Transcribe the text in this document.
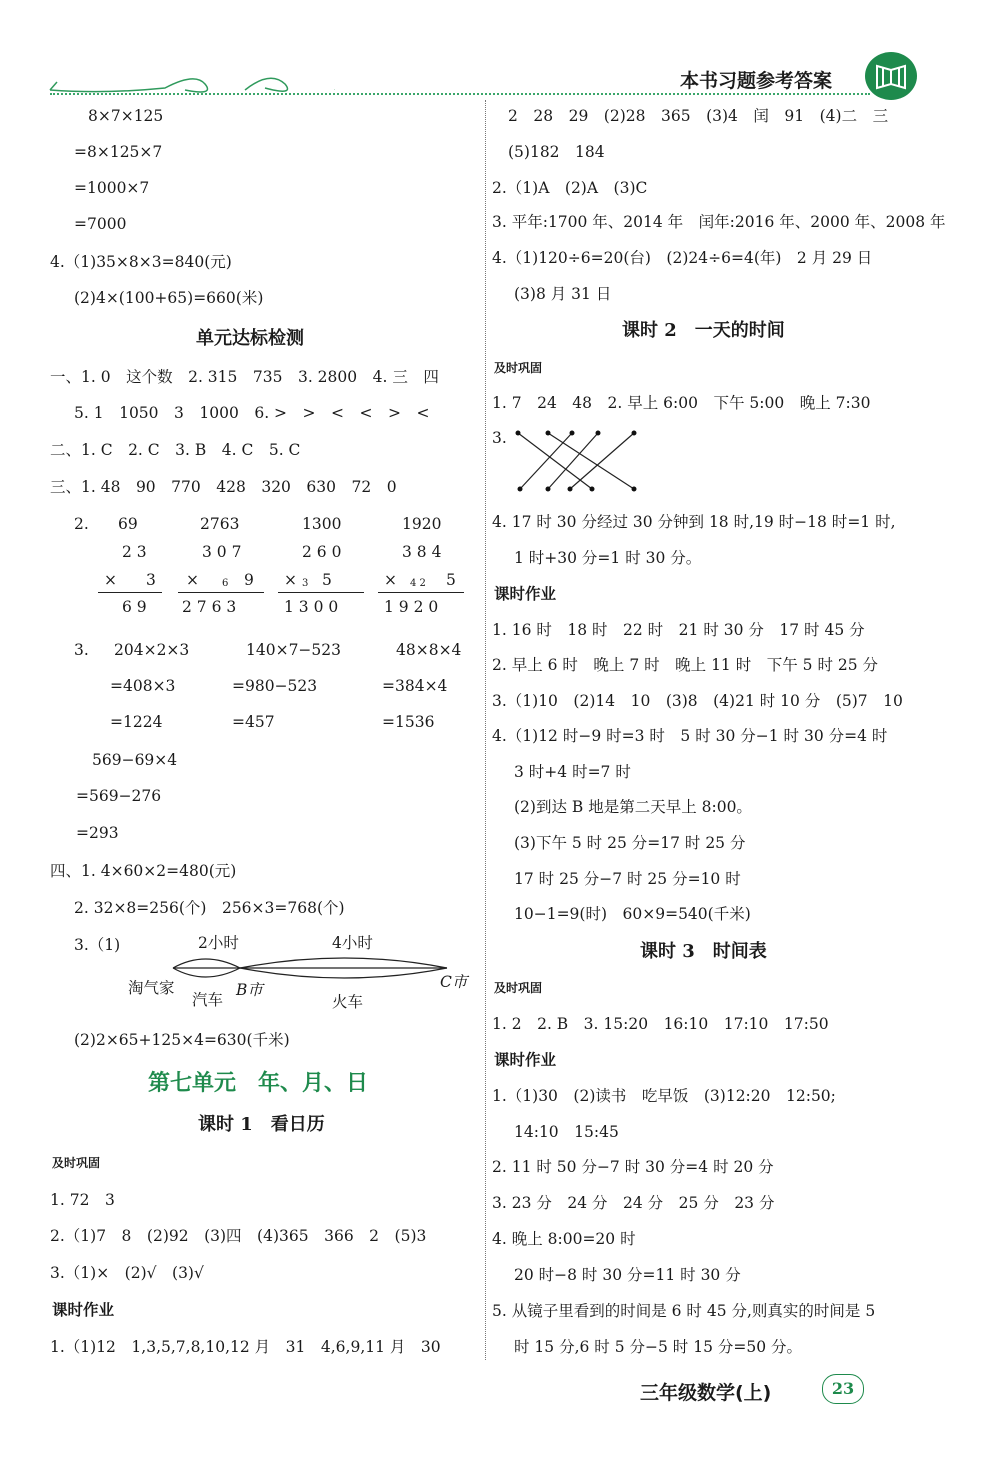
本书习题参考答案
8×7×125
=8×125×7
=1000×7
=7000
4.（1)35×8×3=840(元)
(2)4×(100+65)=660(米)
单元达标检测
一、1. 0　这个数　2. 315　735　3. 2800　4. 三　四
5. 1　1050　3　1000　6. >　>　<　<　>　<
二、1. C　2. C　3. B　4. C　5. C
三、1. 48　90　770　428　320　630　72　0
2. 69
2 3
× 3
6 9
2763
3 0 7
× 6 9
2 7 6 3
1300
2 6 0
× 3 5
1 3 0 0
1920
3 8 4
× 4 2 5
1 9 2 0
3. 204×2×3
=408×3
=1224
140×7−523
=980−523
=457
48×8×4
=384×4
=1536
569−69×4
=569−276
=293
四、1. 4×60×2=480(元)
2. 32×8=256(个)　256×3=768(个)
3.（1)	2小时	4小时
淘气家
汽车
B市
火车
C市
(2)2×65+125×4=630(千米)
第七单元　年、月、日
课时 1　看日历
及时巩固
1. 72　3
2.（1)7　8　(2)92　(3)四　(4)365　366　2　(5)3
3.（1)×　(2)√　(3)√
课时作业
1.（1)12　1,3,5,7,8,10,12 月　31　4,6,9,11 月　30
2　28　29　(2)28　365　(3)4　闰　91　(4)二　三
(5)182　184
2.（1)A　(2)A　(3)C
3. 平年:1700 年、2014 年　闰年:2016 年、2000 年、2008 年
4.（1)120÷6=20(台)　(2)24÷6=4(年)　2 月 29 日
(3)8 月 31 日
课时 2　一天的时间
及时巩固
1. 7　24　48　2. 早上 6:00　下午 5:00　晚上 7:30
3.
4. 17 时 30 分经过 30 分钟到 18 时,19 时−18 时=1 时,
1 时+30 分=1 时 30 分。
课时作业
1. 16 时　18 时　22 时　21 时 30 分　17 时 45 分
2. 早上 6 时　晚上 7 时　晚上 11 时　下午 5 时 25 分
3.（1)10　(2)14　10　(3)8　(4)21 时 10 分　(5)7　10
4.（1)12 时−9 时=3 时　5 时 30 分−1 时 30 分=4 时
3 时+4 时=7 时
(2)到达 B 地是第二天早上 8:00。
(3)下午 5 时 25 分=17 时 25 分
17 时 25 分−7 时 25 分=10 时
10−1=9(时)　60×9=540(千米)
课时 3　时间表
及时巩固
1. 2　2. B　3. 15:20　16:10　17:10　17:50
课时作业
1.（1)30　(2)读书　吃早饭　(3)12:20　12:50;
14:10　15:45
2. 11 时 50 分−7 时 30 分=4 时 20 分
3. 23 分　24 分　24 分　25 分　23 分
4. 晚上 8:00=20 时
20 时−8 时 30 分=11 时 30 分
5. 从镜子里看到的时间是 6 时 45 分,则真实的时间是 5
时 15 分,6 时 5 分−5 时 15 分=50 分。
三年级数学(上)	23
